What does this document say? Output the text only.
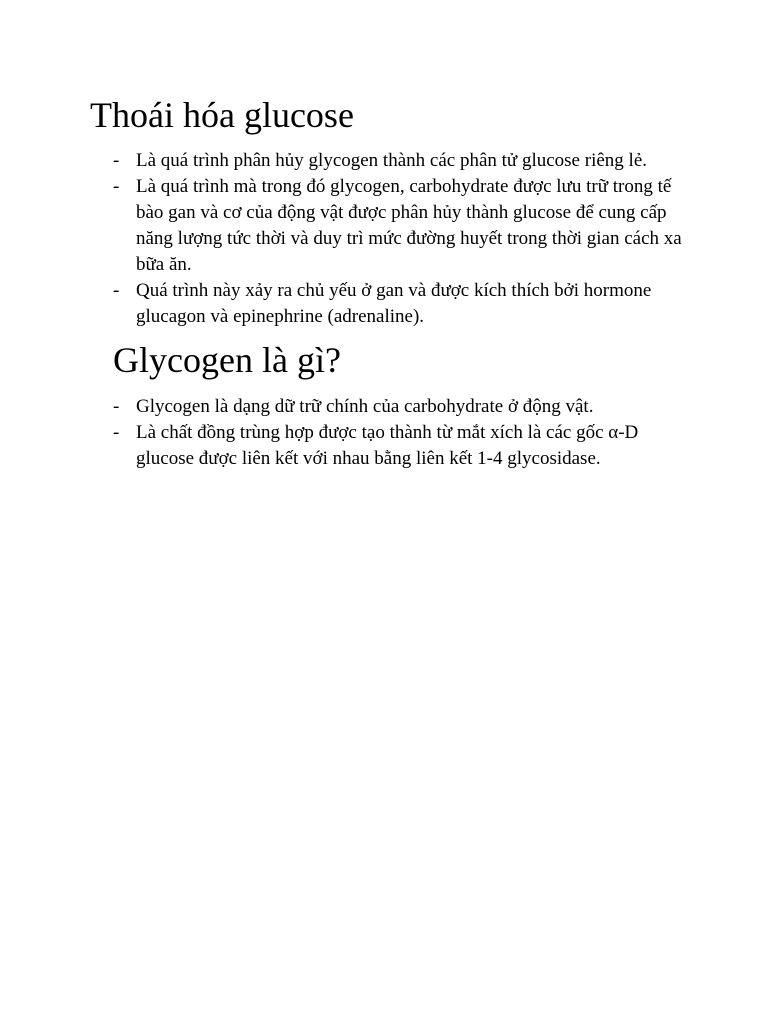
Thoái hóa glucose
- Là quá trình phân hủy glycogen thành các phân tử glucose riêng lẻ.
- Là quá trình mà trong đó glycogen, carbohydrate được lưu trữ trong tế bào gan và cơ của động vật được phân hủy thành glucose để cung cấp năng lượng tức thời và duy trì mức đường huyết trong thời gian cách xa bữa ăn.
- Quá trình này xảy ra chủ yếu ở gan và được kích thích bởi hormone glucagon và epinephrine (adrenaline).
Glycogen là gì?
- Glycogen là dạng dữ trữ chính của carbohydrate ở động vật.
- Là chất đồng trùng hợp được tạo thành từ mắt xích là các gốc α-D glucose được liên kết với nhau bằng liên kết 1-4 glycosidase.
